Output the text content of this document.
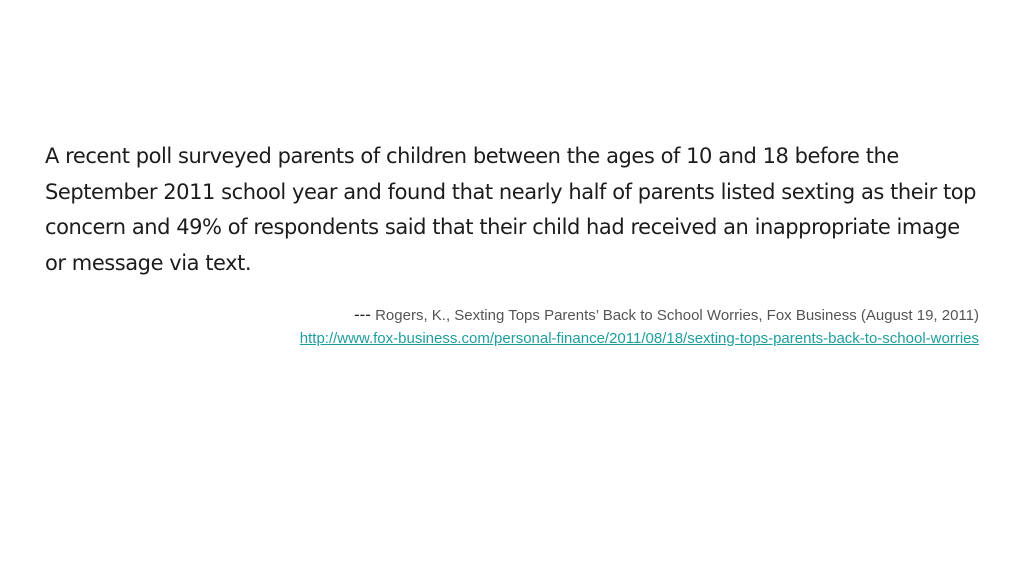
A recent poll surveyed parents of children between the ages of 10 and 18 before the September 2011 school year and found that nearly half of parents listed sexting as their top concern and 49% of respondents said that their child had received an inappropriate image or message via text.

--- Rogers, K., Sexting Tops Parents’ Back to School Worries, Fox Business (August 19, 2011)

http://www.fox-business.com/personal-finance/2011/08/18/sexting-tops-parents-back-to-school-worries
